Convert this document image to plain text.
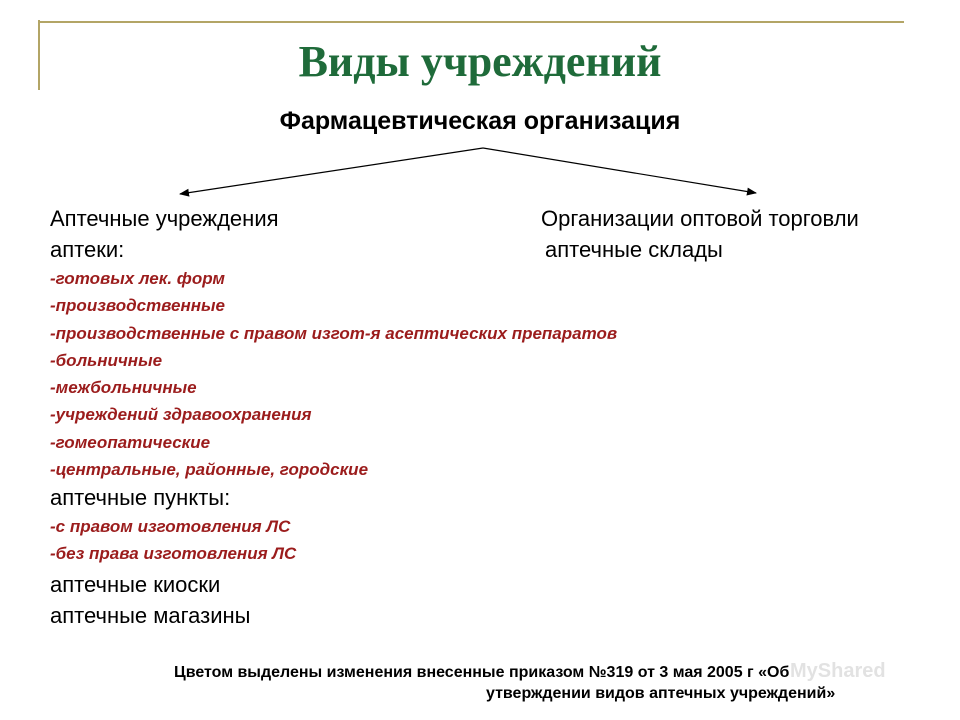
Виды учреждений
Фармацевтическая организация
Аптечные учреждения	Организации оптовой торговли
аптеки:	аптечные склады
-готовых лек. форм
-производственные
-производственные с правом изгот-я асептических препаратов
-больничные
-межбольничные
-учреждений здравоохранения
-гомеопатические
-центральные, районные, городские
аптечные пункты:
-с правом изготовления ЛС
-без права изготовления ЛС
аптечные киоски
аптечные магазины
MyShared
Цветом выделены изменения внесенные приказом №319 от 3 мая 2005 г «Об
утверждении видов аптечных учреждений»
